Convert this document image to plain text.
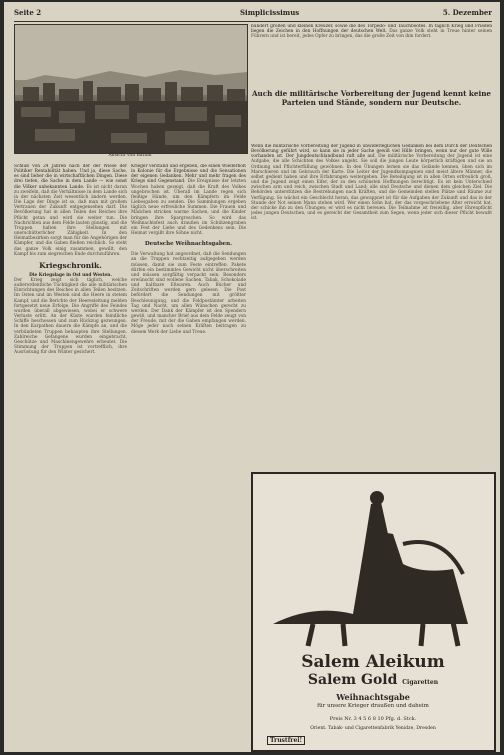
Seite 2	Simplicissimus	5. Dezember
Ansicht von Batum
Schluß von 24 Jahren nach der der Wiese der Politiker Rentabilität haben. Und ja, diese Sache, es sind lieber die in wirtschaftlichen Dingen. Diese drei tiefen, die Sache in dem Lande — wie sonst die Völker unbekannten Lande. Es ist nicht daran zu zweifeln, daß die Verhältnisse in dem Lande sich in der nächsten Zeit wesentlich ändern werden. Die Lage der Dinge ist so, daß man mit großem Vertrauen der Zukunft entgegensehen darf. Die Bevölkerung hat in allen Teilen des Reiches ihre Pflicht getan und wird sie weiter tun. Die Nachrichten aus dem Felde lauten günstig, und die Truppen halten ihre Stellungen mit unerschütterlicher Zähigkeit. In den Heimatbezirken sorgt man für die Angehörigen der Kämpfer, und die Gaben fließen reichlich. So steht das ganze Volk einig zusammen, gewillt, den Kampf bis zum siegreichen Ende durchzuführen.
Kriegschronik.
Die Kriegslage in Ost und Westen.
Der Krieg zeigt sich täglich, welche außerordentliche Tüchtigkeit die alle militärischen Einrichtungen des Reiches in allen Teilen besitzen. Im Osten und im Westen sind die Heere in stetem Kampf, und die Berichte der Heeresleitung melden fortgesetzt neue Erfolge. Die Angriffe des Feindes wurden überall abgewiesen, wobei er schwere Verluste erlitt. An der Küste wurden feindliche Schiffe beschossen und zum Rückzug gezwungen. In den Karpathen dauern die Kämpfe an, und die verbündeten Truppen behaupten ihre Stellungen. Zahlreiche Gefangene wurden eingebracht, Geschütze und Maschinengewehre erbeutet. Die Stimmung der Truppen ist vortrefflich, ihre Ausrüstung für den Winter gesichert.
Krieger verstand und ergeben, die einen Wiederholt in Kolonie für die Ergebnisse und die Sensationen der eigenen Gedanken. Mehr und mehr fragen des Kriegs sind Gegenstand. Die Ereignisse der letzten Wochen haben gezeigt, daß die Kraft des Volkes ungebrochen ist. Überall im Lande regen sich fleißige Hände, um den Kämpfern im Felde Liebesgaben zu senden. Die Sammlungen ergeben täglich neue erfreuliche Summen. Die Frauen und Mädchen stricken warme Sachen, und die Kinder bringen ihre Spargroschen. So wird das Weihnachtsfest auch draußen im Schützengraben ein Fest der Liebe und des Gedenkens sein. Die Heimat vergißt ihre Söhne nicht.
Deutsche Weihnachtsgaben.
Die Verwaltung hat angeordnet, daß die Sendungen an die Truppen rechtzeitig aufgegeben werden müssen, damit sie zum Feste eintreffen. Pakete dürfen ein bestimmtes Gewicht nicht überschreiten und müssen sorgfältig verpackt sein. Besonders erwünscht sind wollene Sachen, Tabak, Schokolade und haltbare Eßwaren. Auch Bücher und Zeitschriften werden gern gelesen. Die Post befördert die Sendungen mit größter Beschleunigung, und die Feldpostämter arbeiten Tag und Nacht, um allen Wünschen gerecht zu werden. Der Dank der Kämpfer ist den Spendern gewiß, und mancher Brief aus dem Felde zeugt von der Freude, mit der die Gaben empfangen werden. Möge jeder nach seinen Kräften beitragen zu diesem Werk der Liebe und Treue.
hundert großen und kleinen Kreuzer, sowie die des Torpedo- und Tauchbootes. In täglich Krieg und Frieden liegen die Zeichen in den Hoffnungen der deutschen Welt. Das ganze Volk steht in Treue hinter seinen Führern und ist bereit, jedes Opfer zu bringen, das die große Zeit von ihm fordert.
Auch die militärische Vorbereitung der Jugend kennt keine Parteien und Stände, sondern nur Deutsche.
Wenn die militärische Vorbereitung der Jugend in unwiderleglichen Gedanken bei dem Durch der Deutschen Bevölkerung geführt wird, so kann sie in jeder Sache gewiß viel Hilfe bringen, wenn nur der gute Wille vorhanden ist. Der Jungdeutschlandbund ruft alle auf. Die militärische Vorbereitung der Jugend ist eine Aufgabe, die alle Schichten des Volkes angeht. Sie soll die jungen Leute körperlich kräftigen und sie an Ordnung und Pflichterfüllung gewöhnen. In den Übungen lernen sie das Gelände kennen, üben sich im Marschieren und im Gebrauch der Karte. Die Leiter der Jugendkompagnien sind meist ältere Männer, die selbst gedient haben und ihre Erfahrungen weitergeben. Die Beteiligung ist in allen Orten erfreulich groß, und die Jugend zeigt einen Eifer, der zu den schönsten Hoffnungen berechtigt. Es ist kein Unterschied zwischen arm und reich, zwischen Stadt und Land; alle sind Deutsche und dienen dem gleichen Ziel. Die Behörden unterstützen die Bestrebungen nach Kräften, und die Gemeinden stellen Plätze und Räume zur Verfügung. So wächst ein Geschlecht heran, das gewappnet ist für die Aufgaben der Zukunft und das in der Stunde der Not seinen Mann stehen wird. Wer einen Sohn hat, der das vorgeschriebene Alter erreicht hat, der schicke ihn zu den Übungen; er wird es nicht bereuen. Die Teilnahme ist freiwillig, aber Ehrenpflicht jedes jungen Deutschen, und es gereicht der Gesamtheit zum Segen, wenn jeder sich dieser Pflicht bewußt ist.
Salem Aleikum
Salem Gold Cigaretten
Weihnachtsgabe
für unsere Krieger draußen und daheim
Preis Nr. 3 4 5 6 8 10 Pfg. d. Stck.
Orient. Tabak- und Cigarettenfabrik Yenidze, Dresden
Trustfrei!
